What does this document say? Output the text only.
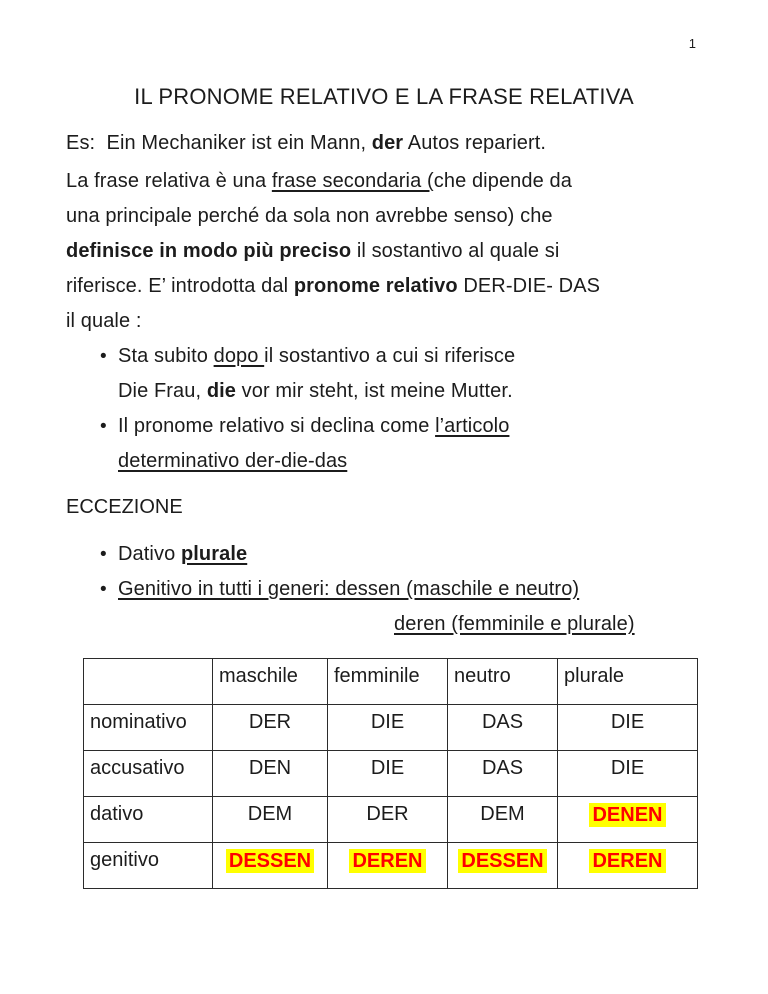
1
IL PRONOME RELATIVO E LA FRASE RELATIVA
Es:  Ein Mechaniker ist ein Mann, der Autos repariert.
La frase relativa è una frase secondaria (che dipende da
una principale perché da sola non avrebbe senso) che
definisce in modo più preciso il sostantivo al quale si
riferisce. E’ introdotta dal pronome relativo DER-DIE- DAS
il quale :
• Sta subito dopo il sostantivo a cui si riferisce
Die Frau, die vor mir steht, ist meine Mutter.
• Il pronome relativo si declina come l’articolo
determinativo der-die-das
ECCEZIONE
• Dativo plurale
• Genitivo in tutti i generi: dessen (maschile e neutro)
deren (femminile e plurale)
	maschile	femminile	neutro	plurale
nominativo	DER	DIE	DAS	DIE
accusativo	DEN	DIE	DAS	DIE
dativo	DEM	DER	DEM	DENEN
genitivo	DESSEN	DEREN	DESSEN	DEREN
